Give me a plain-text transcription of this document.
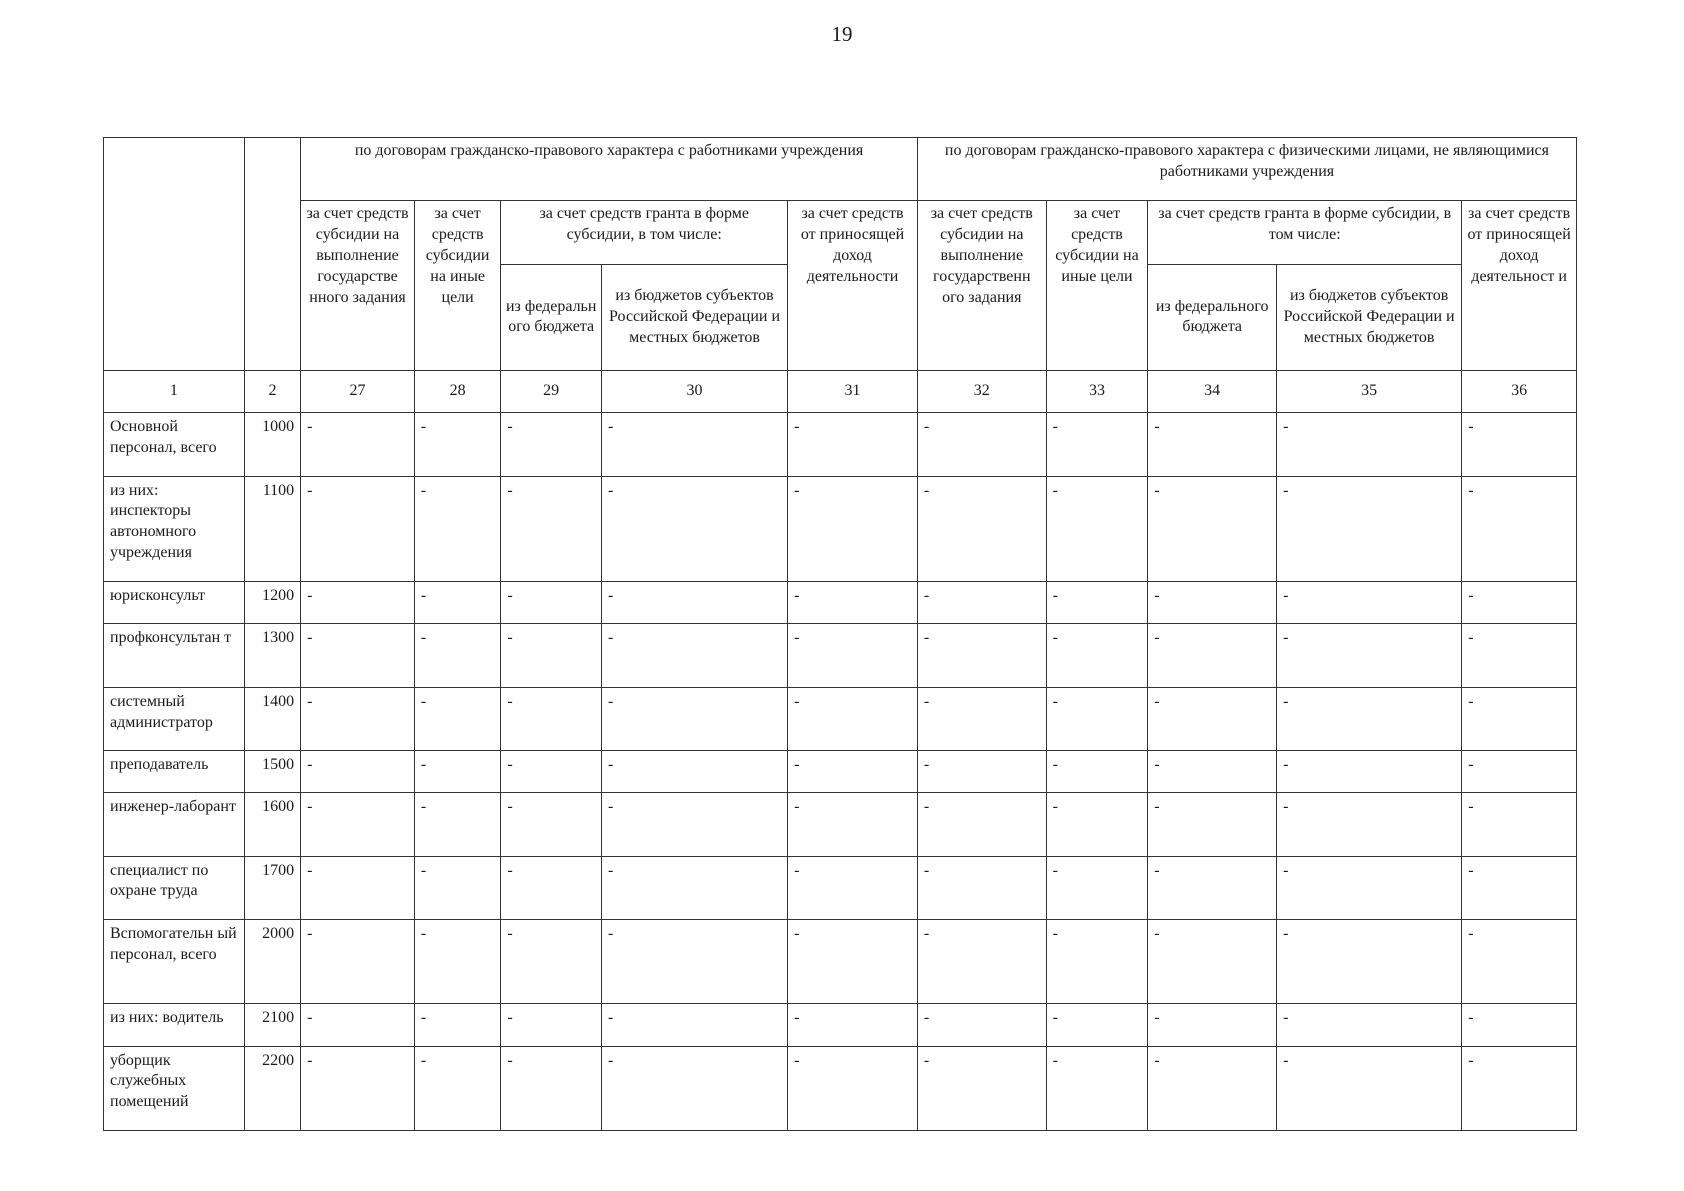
19
		по договорам гражданско-правового характера с работниками учреждения					по договорам гражданско-правового характера с физическими лицами, не являющимися работниками учреждения				
		за счет средств субсидии на выполнение государстве нного задания	за счет средств субсидии на иные цели	за счет средств гранта в форме субсидии, в том числе:		за счет средств от приносящей доход деятельности	за счет средств субсидии на выполнение государственн ого задания	за счет средств субсидии на иные цели	за счет средств гранта в форме субсидии, в том числе:		за счет средств от приносящей доход деятельност и
				из федеральн ого бюджета	из бюджетов субъектов Российской Федерации и местных бюджетов				из федерального бюджета	из бюджетов субъектов Российской Федерации и местных бюджетов	
1	2	27	28	29	30	31	32	33	34	35	36
Основной персонал, всего	1000	-	-	-	-	-	-	-	-	-	-
из них: инспекторы автономного учреждения	1100	-	-	-	-	-	-	-	-	-	-
юрисконсульт	1200	-	-	-	-	-	-	-	-	-	-
профконсультан т	1300	-	-	-	-	-	-	-	-	-	-
системный администратор	1400	-	-	-	-	-	-	-	-	-	-
преподаватель	1500	-	-	-	-	-	-	-	-	-	-
инженер-лаборант	1600	-	-	-	-	-	-	-	-	-	-
специалист по охране труда	1700	-	-	-	-	-	-	-	-	-	-
Вспомогательн ый персонал, всего	2000	-	-	-	-	-	-	-	-	-	-
из них: водитель	2100	-	-	-	-	-	-	-	-	-	-
уборщик служебных помещений	2200	-	-	-	-	-	-	-	-	-	-
